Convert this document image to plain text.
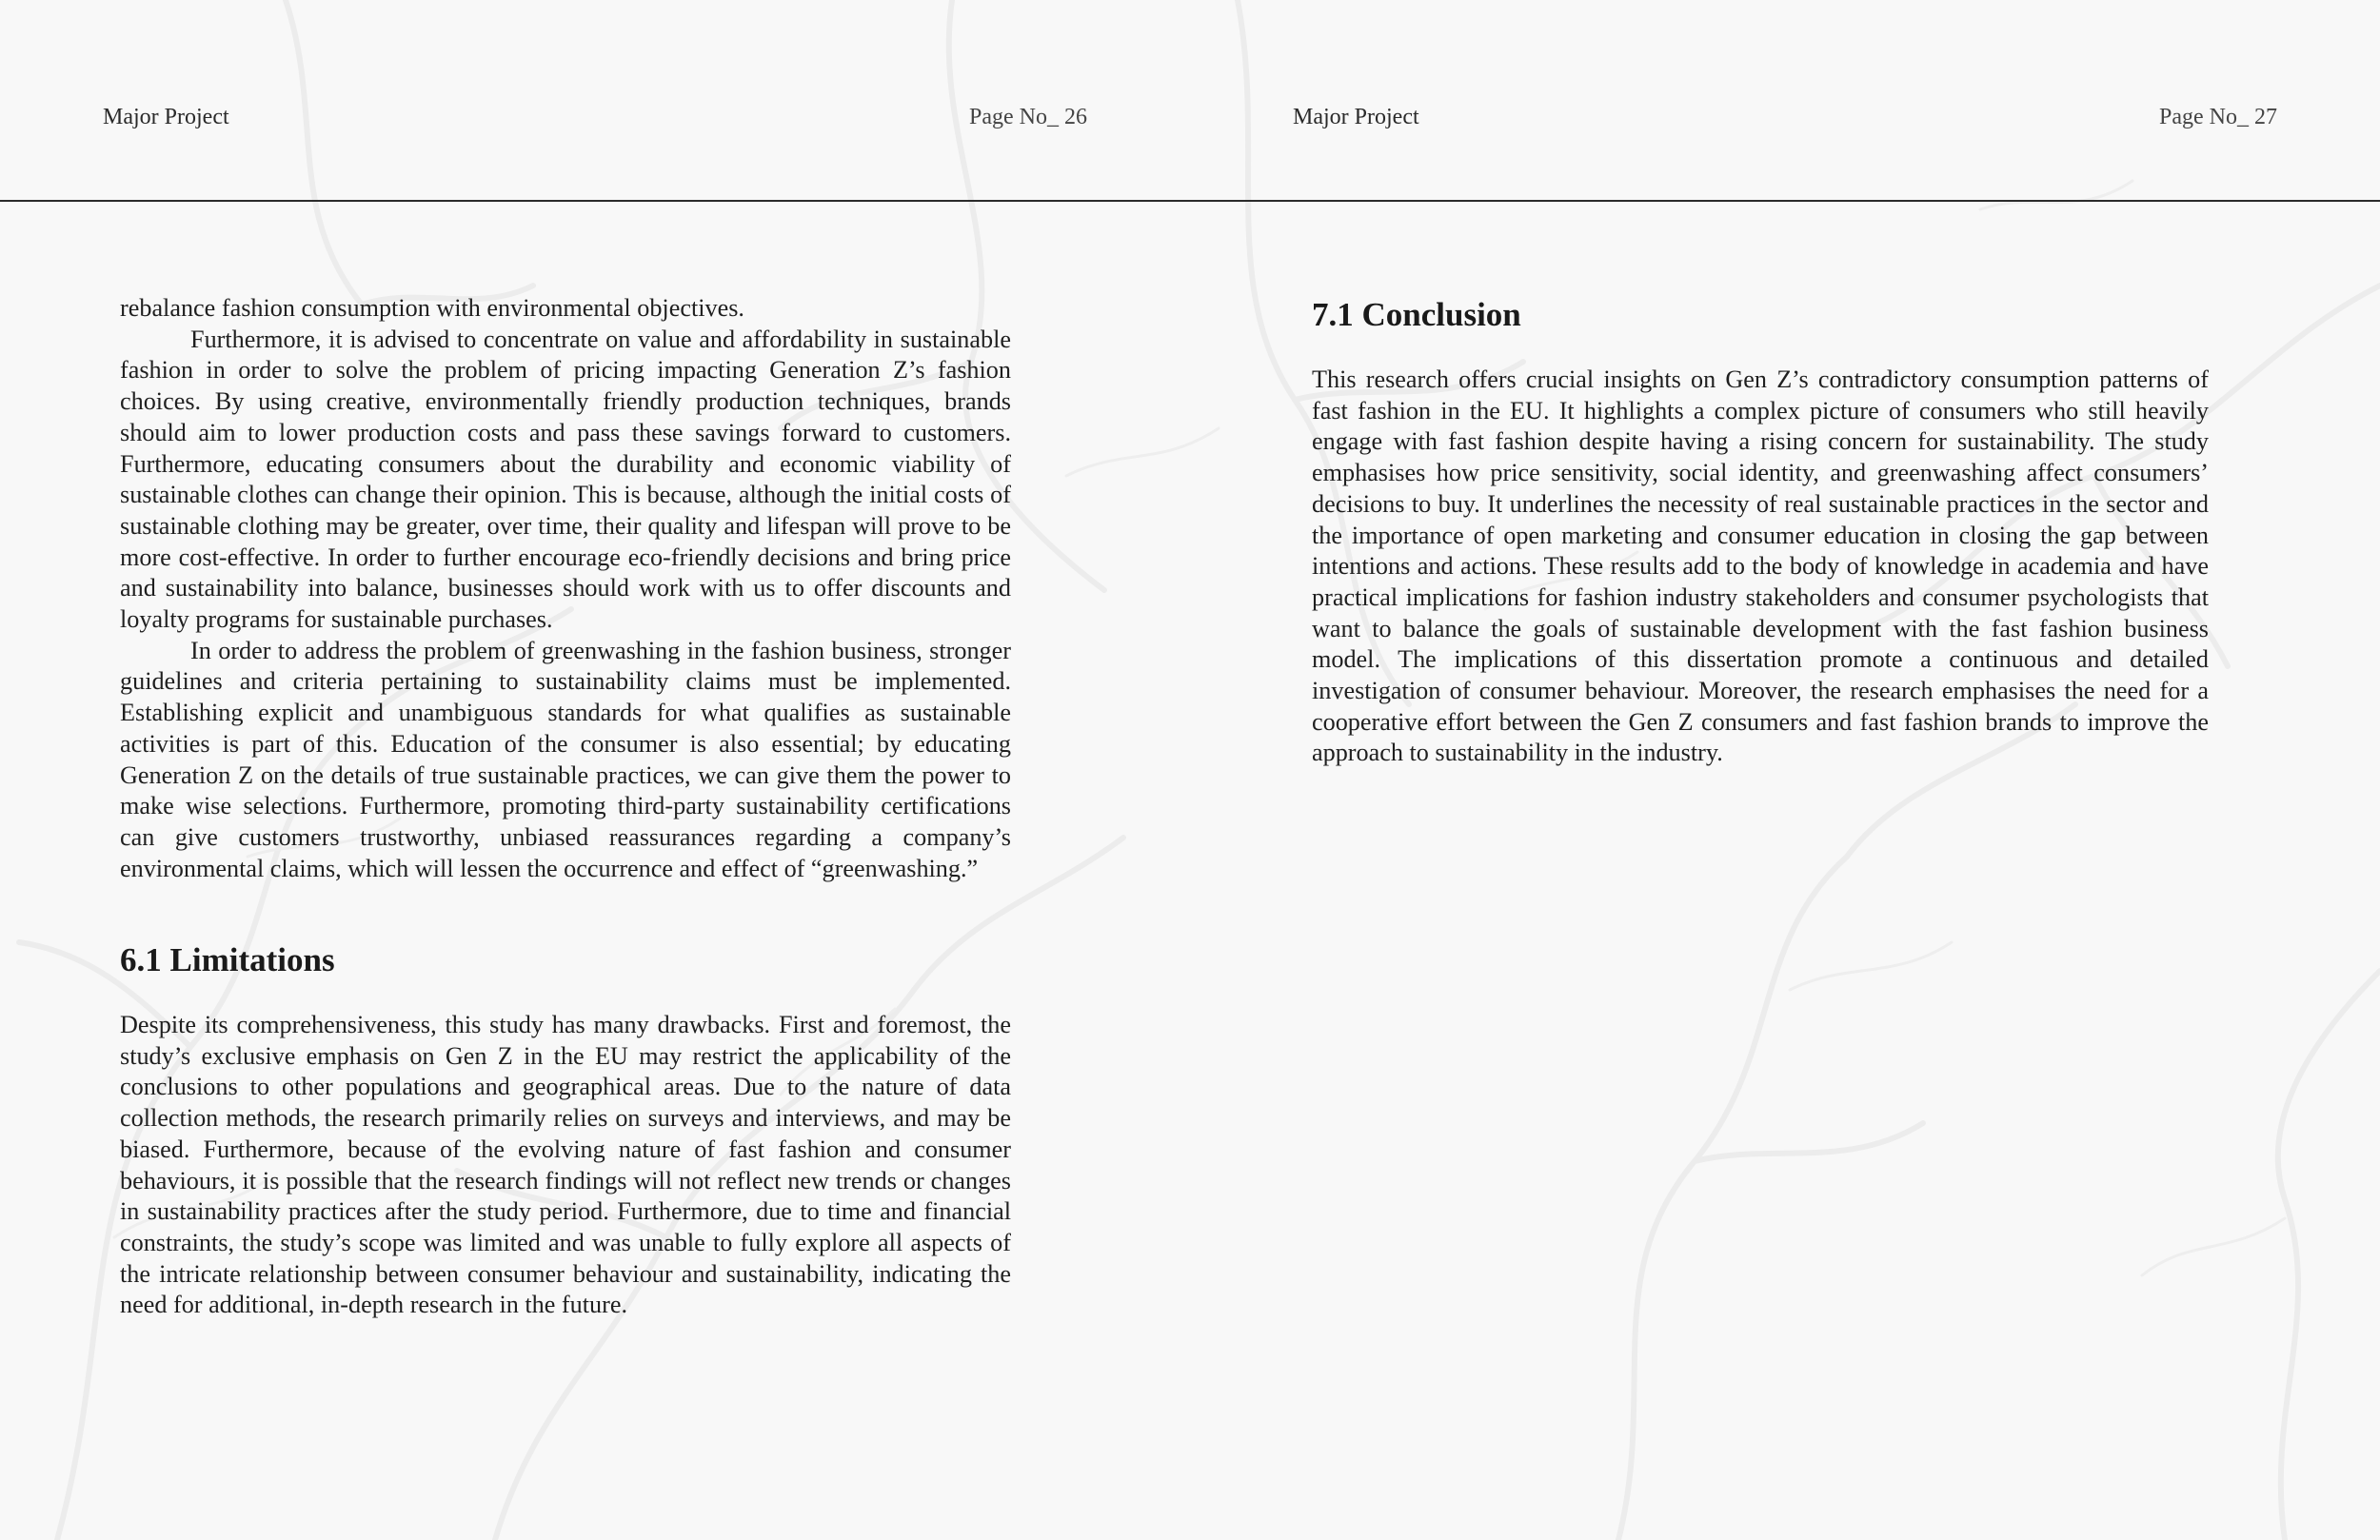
Major Project	Page No_ 26

rebalance fashion consumption with environmental objectives.

Furthermore, it is advised to concentrate on value and affordability in sustainable fashion in order to solve the problem of pricing impacting Generation Z’s fashion choices. By using creative, environmentally friendly production techniques, brands should aim to lower production costs and pass these savings forward to customers. Furthermore, educating consumers about the durability and economic viability of sustainable clothes can change their opinion. This is because, although the initial costs of sustainable clothing may be greater, over time, their quality and lifespan will prove to be more cost-effective. In order to further encourage eco-friendly decisions and bring price and sustainability into balance, businesses should work with us to offer discounts and loyalty programs for sustainable purchases.

In order to address the problem of greenwashing in the fashion business, stronger guidelines and criteria pertaining to sustainability claims must be implemented. Establishing explicit and unambiguous standards for what qualifies as sustainable activities is part of this. Education of the consumer is also essential; by educating Generation Z on the details of true sustainable practices, we can give them the power to make wise selections. Furthermore, promoting third-party sustainability certifications can give customers trustworthy, unbiased reassurances regarding a company’s environmental claims, which will lessen the occurrence and effect of “greenwashing.”

6.1 Limitations

Despite its comprehensiveness, this study has many drawbacks. First and foremost, the study’s exclusive emphasis on Gen Z in the EU may restrict the applicability of the conclusions to other populations and geographical areas. Due to the nature of data collection methods, the research primarily relies on surveys and interviews, and may be biased. Furthermore, because of the evolving nature of fast fashion and consumer behaviours, it is possible that the research findings will not reflect new trends or changes in sustainability practices after the study period. Furthermore, due to time and financial constraints, the study’s scope was limited and was unable to fully explore all aspects of the intricate relationship between consumer behaviour and sustainability, indicating the need for additional, in-depth research in the future.

Major Project	Page No_ 27
7.1 Conclusion

This research offers crucial insights on Gen Z’s contradictory consumption patterns of fast fashion in the EU. It highlights a complex picture of consumers who still heavily engage with fast fashion despite having a rising concern for sustainability. The study emphasises how price sensitivity, social identity, and greenwashing affect consumers’ decisions to buy. It underlines the necessity of real sustainable practices in the sector and the importance of open marketing and consumer education in closing the gap between intentions and actions. These results add to the body of knowledge in academia and have practical implications for fashion industry stakeholders and consumer psychologists that want to balance the goals of sustainable development with the fast fashion business model. The implications of this dissertation promote a continuous and detailed investigation of consumer behaviour. Moreover, the research emphasises the need for a cooperative effort between the Gen Z consumers and fast fashion brands to improve the approach to sustainability in the industry.
